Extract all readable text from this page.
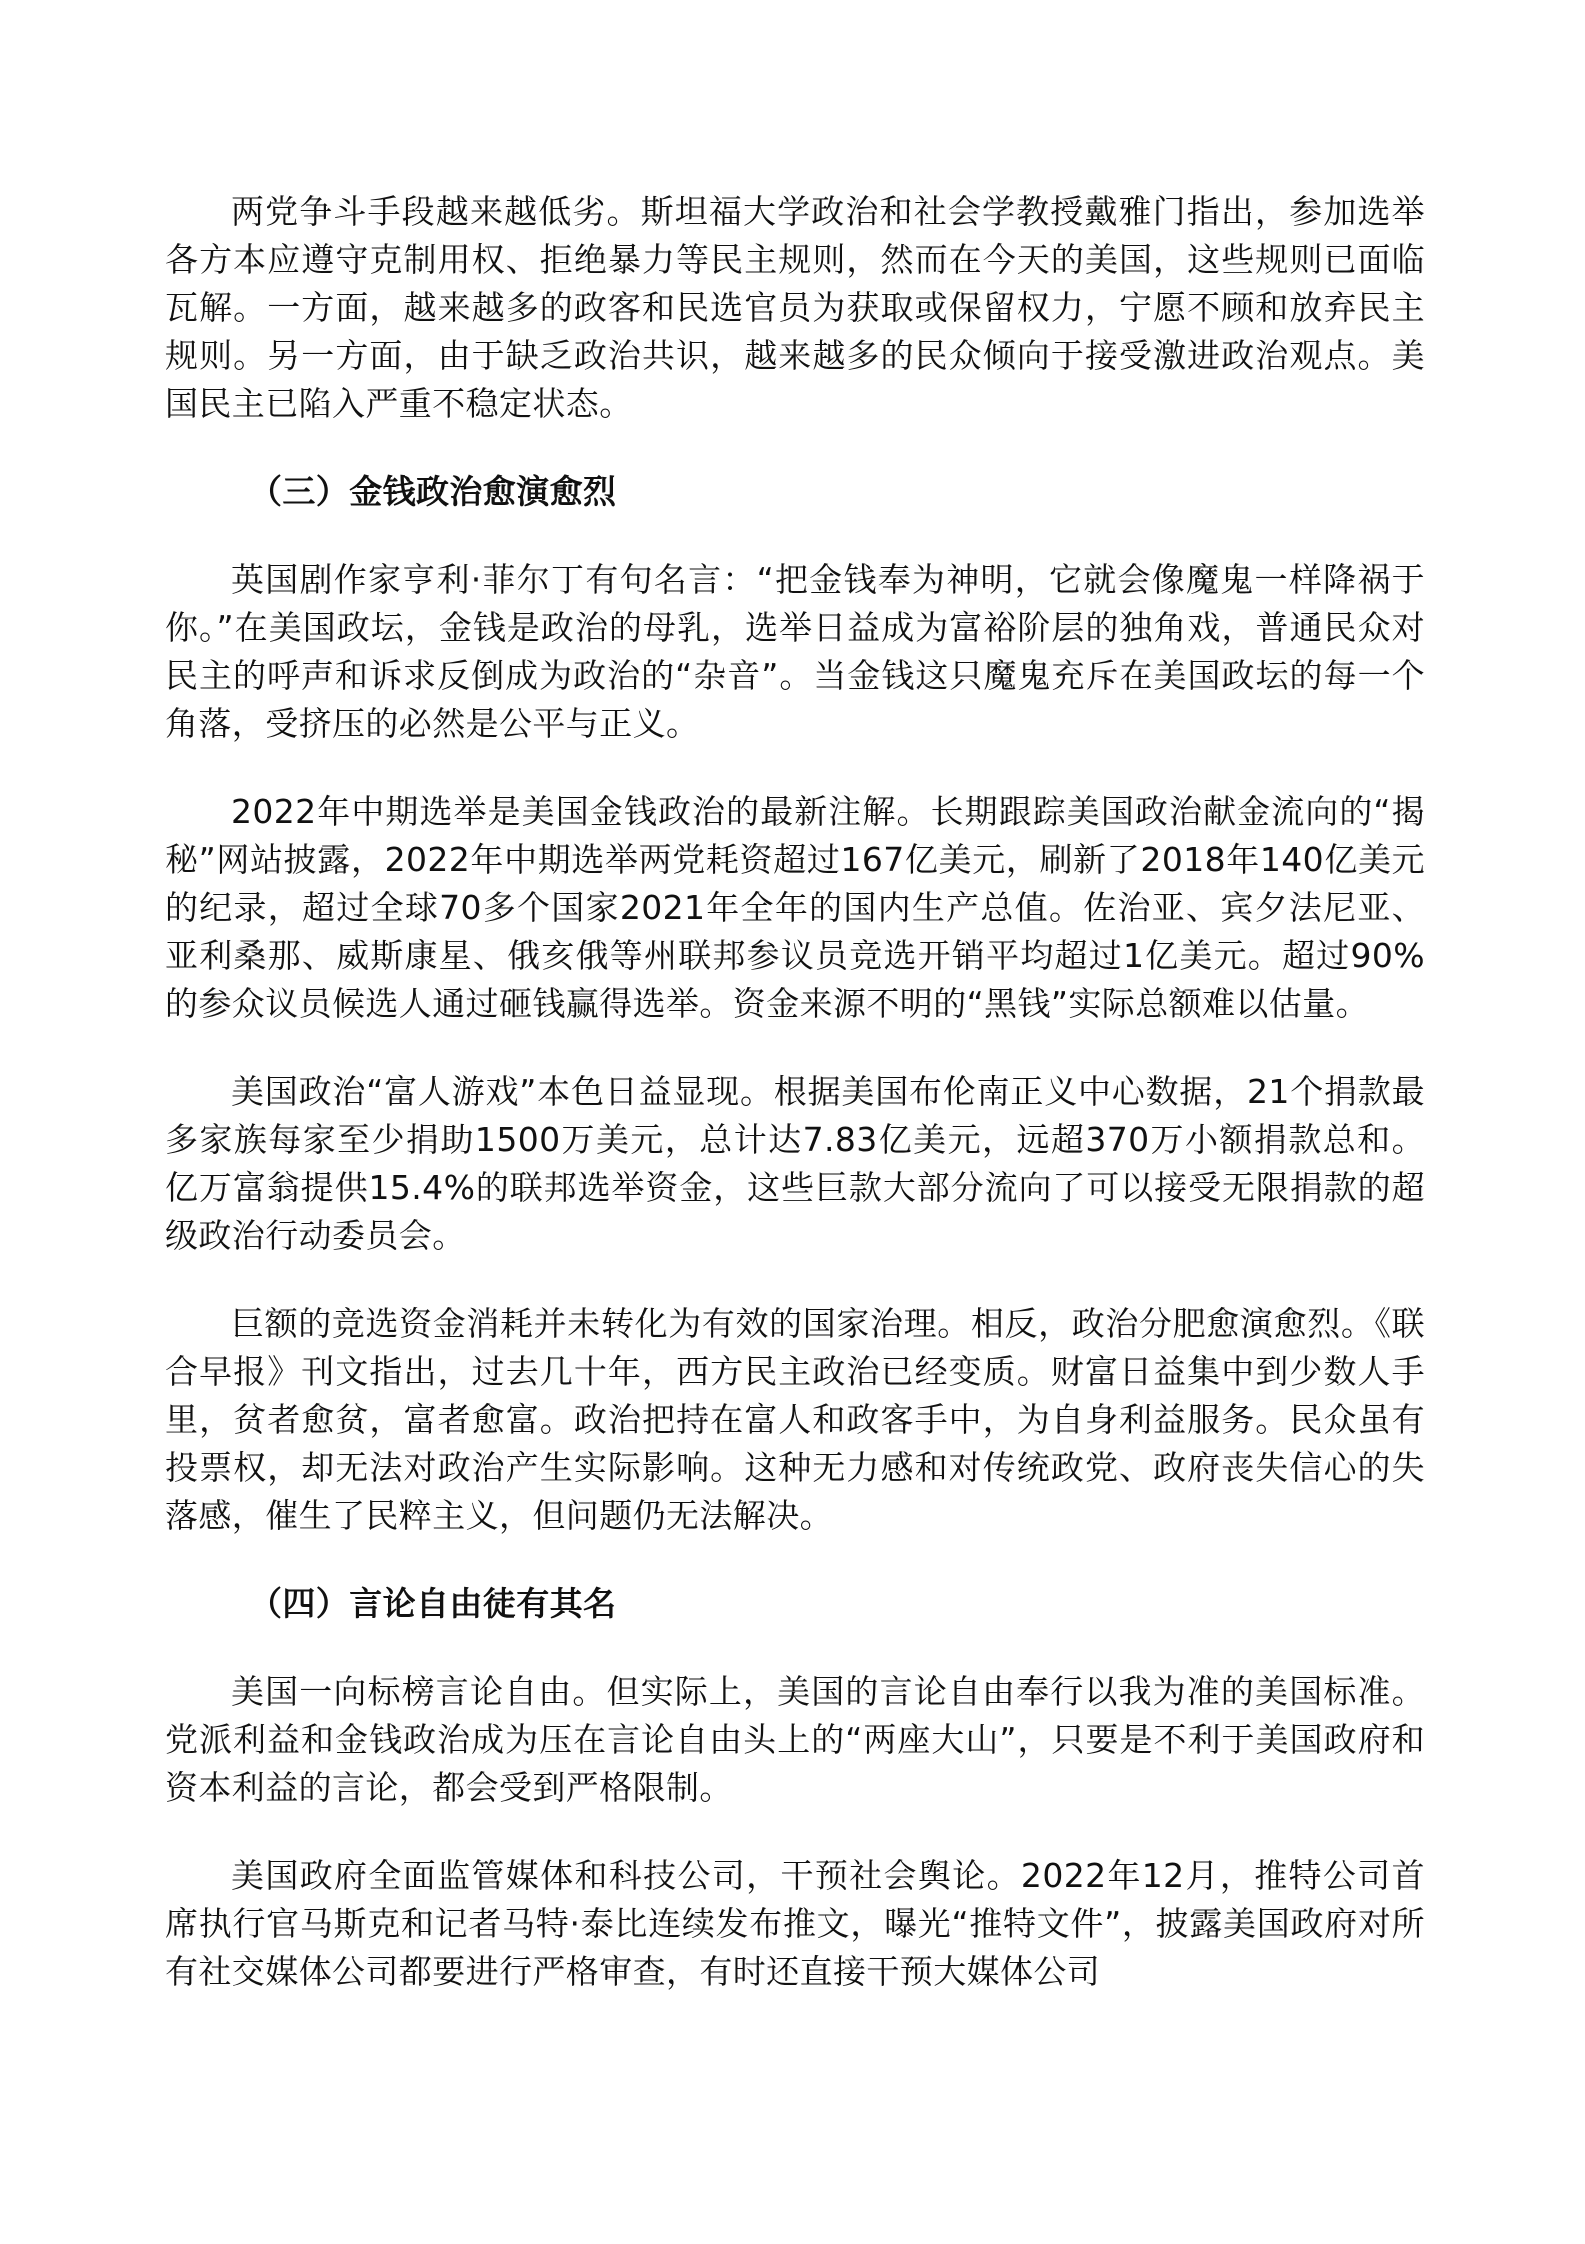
两党争斗手段越来越低劣。斯坦福大学政治和社会学教授戴雅门指出，参加选举各方本应遵守克制用权、拒绝暴力等民主规则，然而在今天的美国，这些规则已面临瓦解。一方面，越来越多的政客和民选官员为获取或保留权力，宁愿不顾和放弃民主规则。另一方面，由于缺乏政治共识，越来越多的民众倾向于接受激进政治观点。美国民主已陷入严重不稳定状态。

（三）金钱政治愈演愈烈

英国剧作家亨利·菲尔丁有句名言：“把金钱奉为神明，它就会像魔鬼一样降祸于你。”在美国政坛，金钱是政治的母乳，选举日益成为富裕阶层的独角戏，普通民众对民主的呼声和诉求反倒成为政治的“杂音”。当金钱这只魔鬼充斥在美国政坛的每一个角落，受挤压的必然是公平与正义。

2022年中期选举是美国金钱政治的最新注解。长期跟踪美国政治献金流向的“揭秘”网站披露，2022年中期选举两党耗资超过167亿美元，刷新了2018年140亿美元的纪录，超过全球70多个国家2021年全年的国内生产总值。佐治亚、宾夕法尼亚、亚利桑那、威斯康星、俄亥俄等州联邦参议员竞选开销平均超过1亿美元。超过90%的参众议员候选人通过砸钱赢得选举。资金来源不明的“黑钱”实际总额难以估量。

美国政治“富人游戏”本色日益显现。根据美国布伦南正义中心数据，21个捐款最多家族每家至少捐助1500万美元，总计达7.83亿美元，远超370万小额捐款总和。亿万富翁提供15.4%的联邦选举资金，这些巨款大部分流向了可以接受无限捐款的超级政治行动委员会。

巨额的竞选资金消耗并未转化为有效的国家治理。相反，政治分肥愈演愈烈。《联合早报》刊文指出，过去几十年，西方民主政治已经变质。财富日益集中到少数人手里，贫者愈贫，富者愈富。政治把持在富人和政客手中，为自身利益服务。民众虽有投票权，却无法对政治产生实际影响。这种无力感和对传统政党、政府丧失信心的失落感，催生了民粹主义，但问题仍无法解决。

（四）言论自由徒有其名

美国一向标榜言论自由。但实际上，美国的言论自由奉行以我为准的美国标准。党派利益和金钱政治成为压在言论自由头上的“两座大山”，只要是不利于美国政府和资本利益的言论，都会受到严格限制。

美国政府全面监管媒体和科技公司，干预社会舆论。2022年12月，推特公司首席执行官马斯克和记者马特·泰比连续发布推文，曝光“推特文件”，披露美国政府对所有社交媒体公司都要进行严格审查，有时还直接干预大媒体公司
